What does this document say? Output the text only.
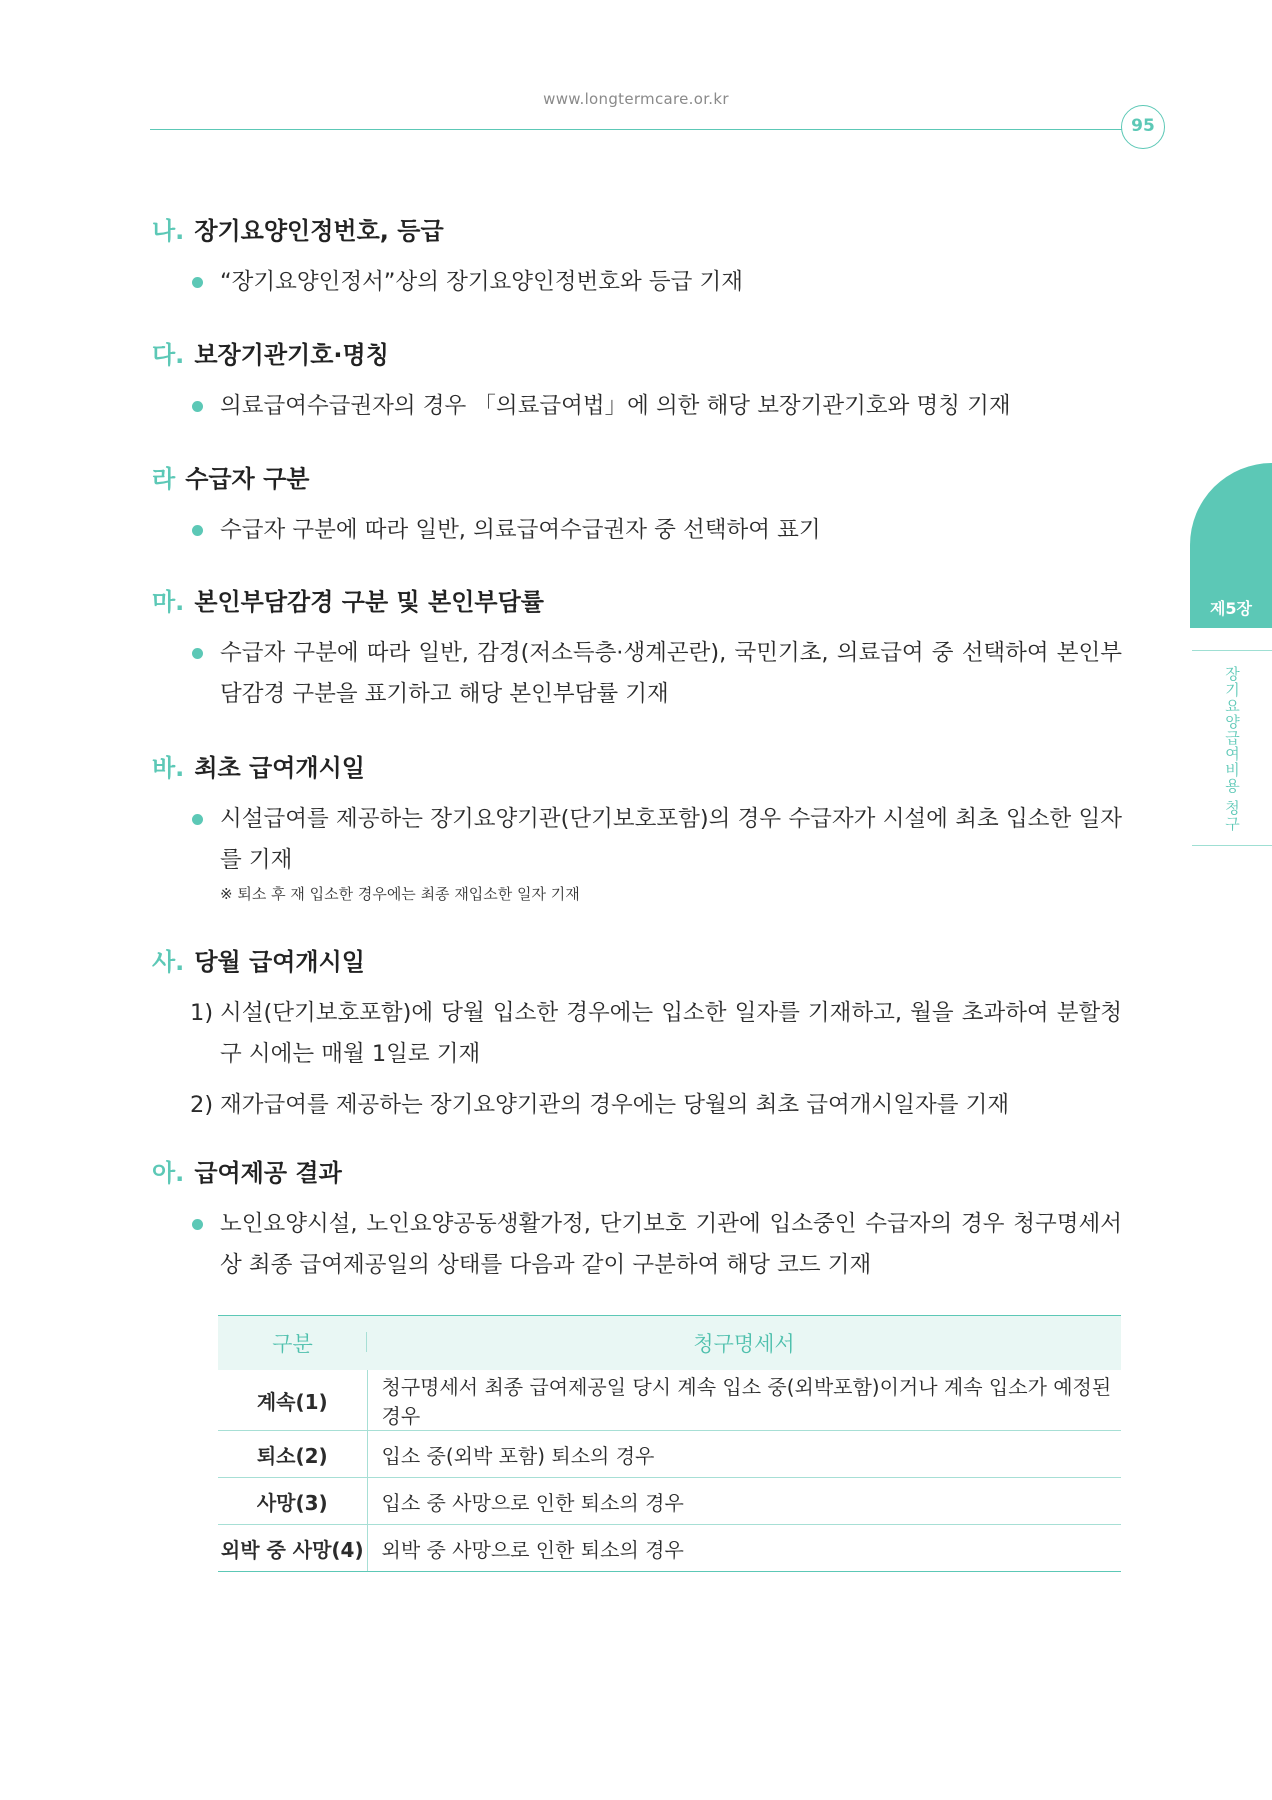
www.longtermcare.or.kr
95
제5장
장기요양급여비용 청구
나. 장기요양인정번호, 등급
“장기요양인정서”상의 장기요양인정번호와 등급 기재
다. 보장기관기호·명칭
의료급여수급권자의 경우 「의료급여법」에 의한 해당 보장기관기호와 명칭 기재
라 수급자 구분
수급자 구분에 따라 일반, 의료급여수급권자 중 선택하여 표기
마. 본인부담감경 구분 및 본인부담률
수급자 구분에 따라 일반, 감경(저소득층·생계곤란), 국민기초, 의료급여 중 선택하여 본인부담감경 구분을 표기하고 해당 본인부담률 기재
바. 최초 급여개시일
시설급여를 제공하는 장기요양기관(단기보호포함)의 경우 수급자가 시설에 최초 입소한 일자를 기재
※ 퇴소 후 재 입소한 경우에는 최종 재입소한 일자 기재
사. 당월 급여개시일
1) 시설(단기보호포함)에 당월 입소한 경우에는 입소한 일자를 기재하고, 월을 초과하여 분할청구 시에는 매월 1일로 기재
2) 재가급여를 제공하는 장기요양기관의 경우에는 당월의 최초 급여개시일자를 기재
아. 급여제공 결과
노인요양시설, 노인요양공동생활가정, 단기보호 기관에 입소중인 수급자의 경우 청구명세서 상 최종 급여제공일의 상태를 다음과 같이 구분하여 해당 코드 기재
구분	청구명세서
계속(1)	청구명세서 최종 급여제공일 당시 계속 입소 중(외박포함)이거나 계속 입소가 예정된 경우
퇴소(2)	입소 중(외박 포함) 퇴소의 경우
사망(3)	입소 중 사망으로 인한 퇴소의 경우
외박 중 사망(4)	외박 중 사망으로 인한 퇴소의 경우
